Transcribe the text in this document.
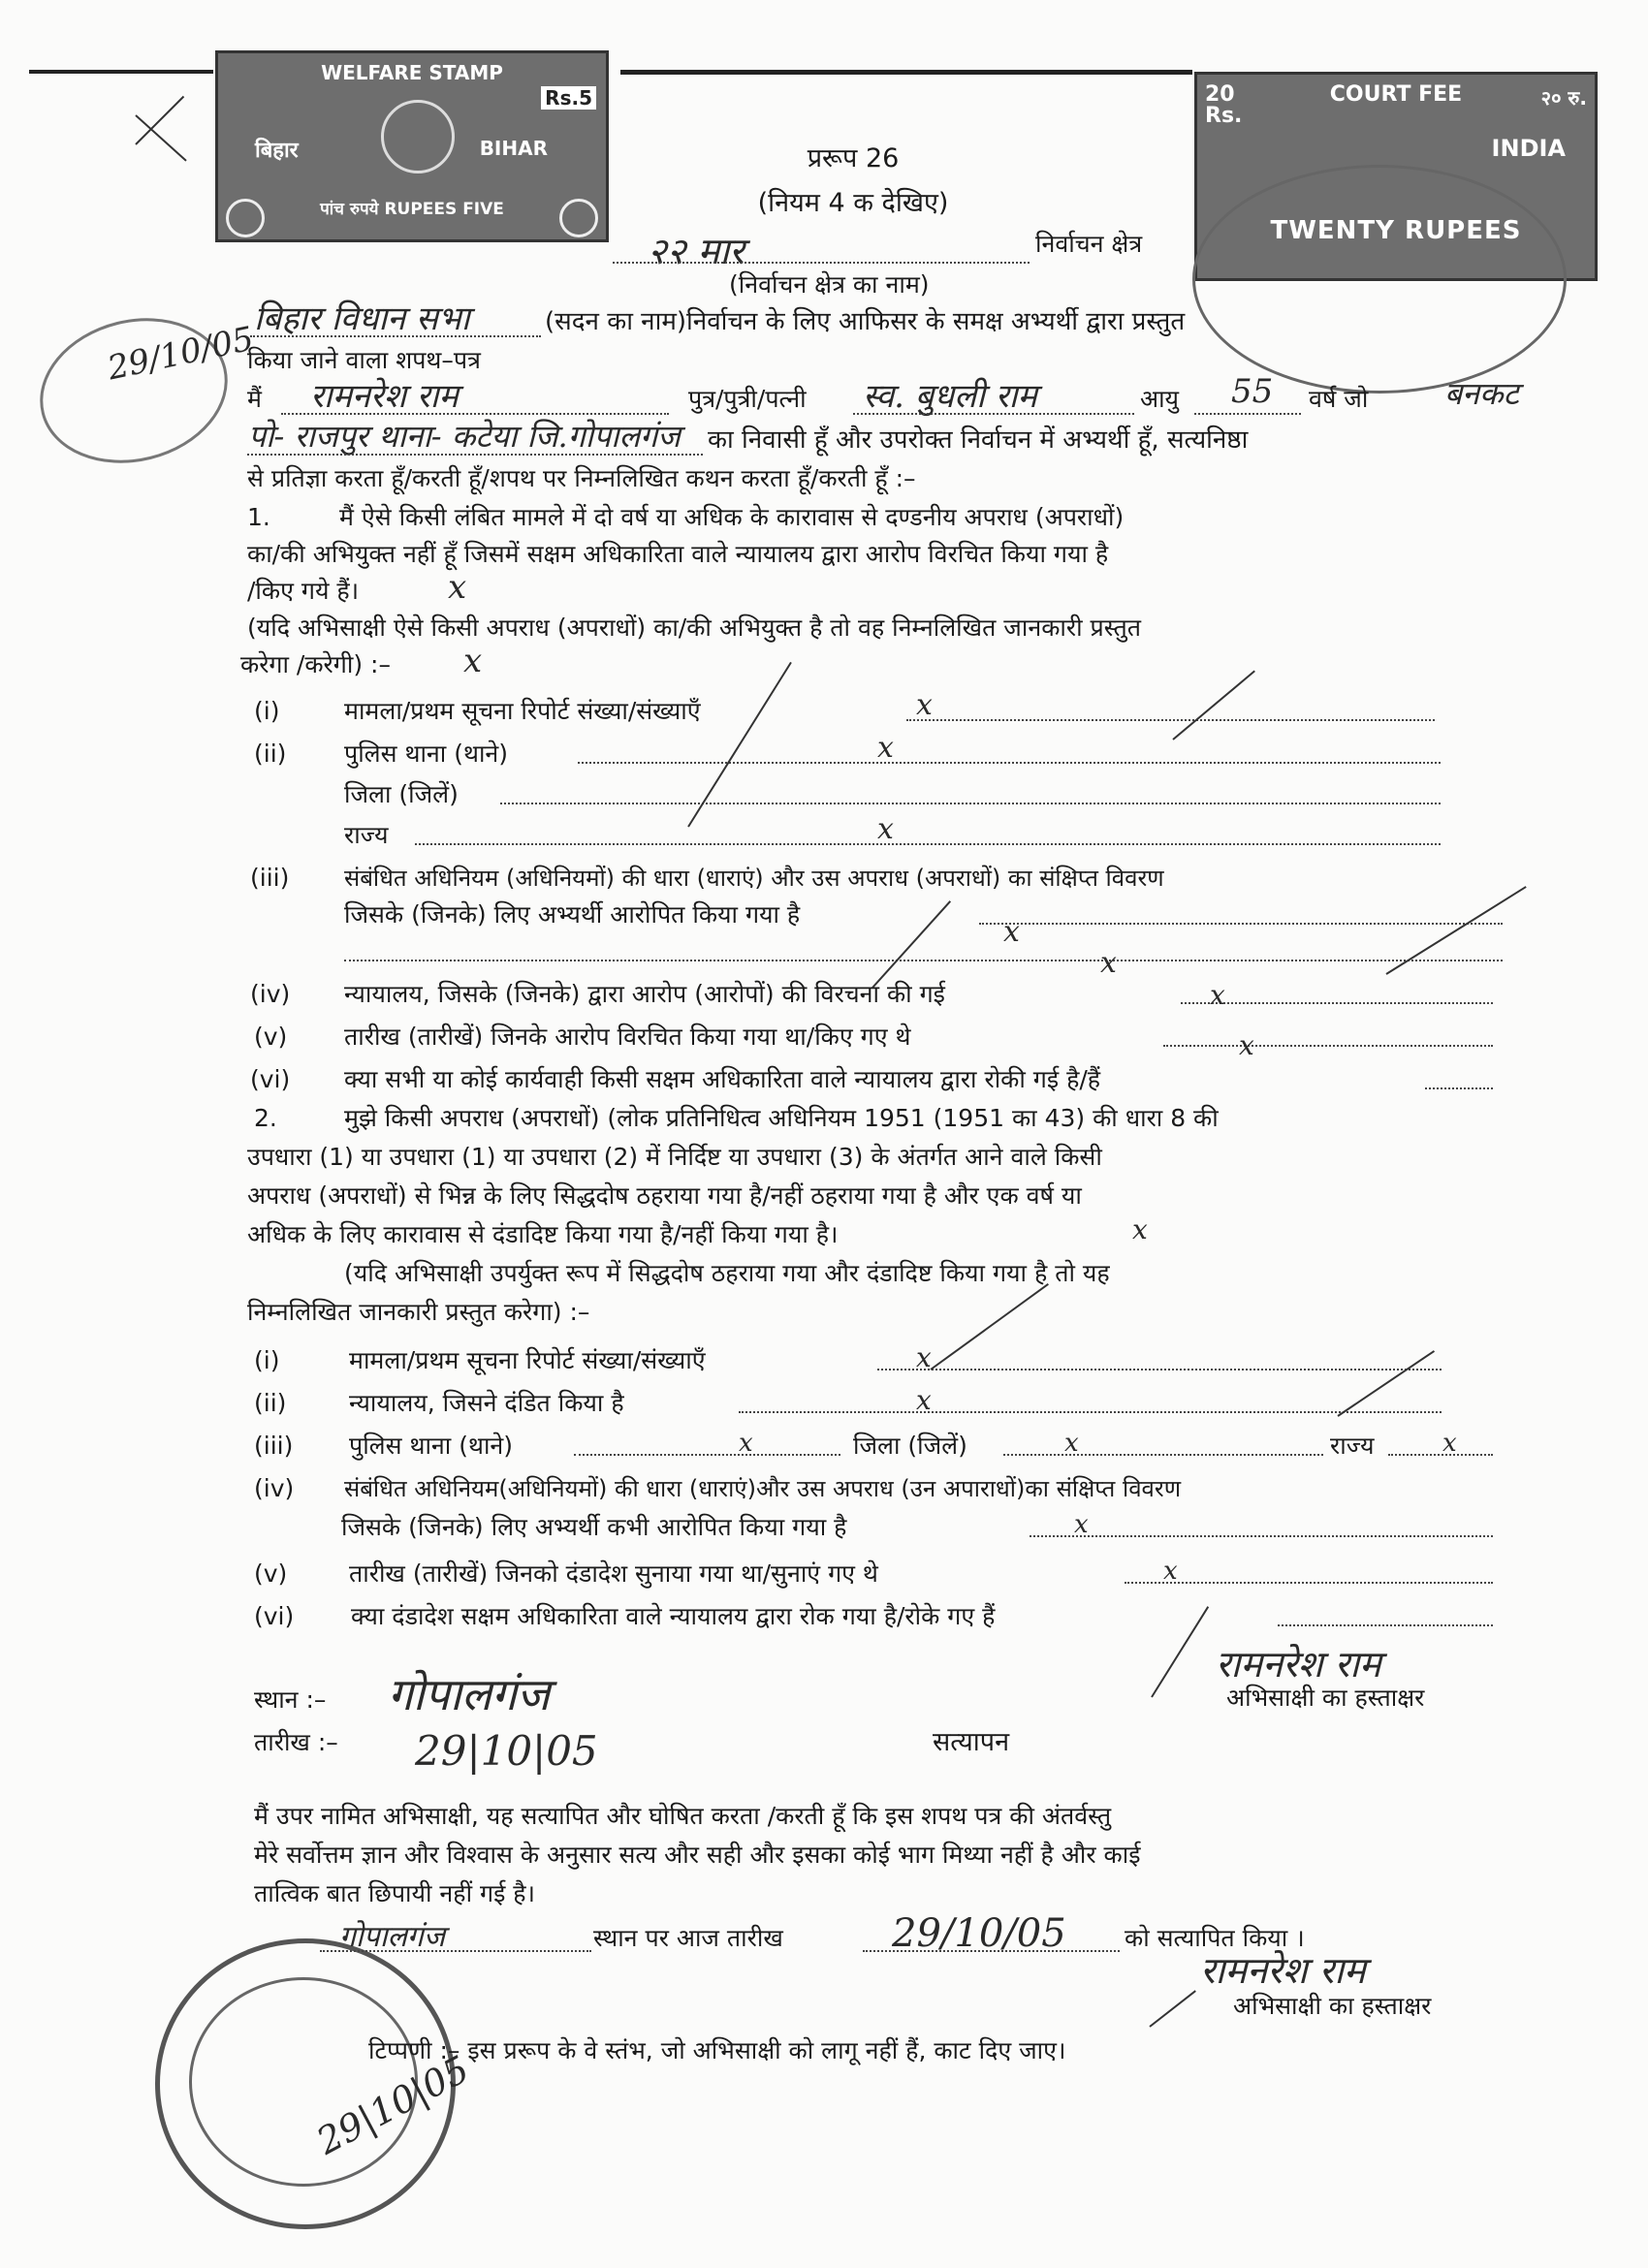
WELFARE STAMP
Rs.5
बिहार	BIHAR
पांच रुपये RUPEES FIVE
20 Rs.
COURT FEE	२० रु.
INDIA
TWENTY RUPEES
29|10|05
29/10/05
प्ररूप 26
(नियम 4 क देखिए)
२२ मार	निर्वाचन क्षेत्र
(निर्वाचन क्षेत्र का नाम)
बिहार विधान सभा	(सदन का नाम)निर्वाचन के लिए आफिसर के समक्ष अभ्यर्थी द्वारा प्रस्तुत
किया जाने वाला शपथ–पत्र
मैं रामनरेश राम	पुत्र/पुत्री/पत्नी स्व. बुधली राम	आयु 55 वर्ष जो बनकट
पो- राजपुर थाना- कटेया जि.गोपालगंज का निवासी हूँ और उपरोक्त निर्वाचन में अभ्यर्थी हूँ, सत्यनिष्ठा
से प्रतिज्ञा करता हूँ/करती हूँ/शपथ पर निम्नलिखित कथन करता हूँ/करती हूँ :–
1.	मैं ऐसे किसी लंबित मामले में दो वर्ष या अधिक के कारावास से दण्डनीय अपराध (अपराधों)
का/की अभियुक्त नहीं हूँ जिसमें सक्षम अधिकारिता वाले न्यायालय द्वारा आरोप विरचित किया गया है
/किए गये हैं।	x
(यदि अभिसाक्षी ऐसे किसी अपराध (अपराधों) का/की अभियुक्त है तो वह निम्नलिखित जानकारी प्रस्तुत
करेगा /करेगी) :– x
(i)	मामला/प्रथम सूचना रिपोर्ट संख्या/संख्याएँ	x
(ii) पुलिस थाना (थाने)	x
जिला (जिलें)
राज्य	x
(iii) संबंधित अधिनियम (अधिनियमों) की धारा (धाराएं) और उस अपराध (अपराधों) का संक्षिप्त विवरण
जिसके (जिनके) लिए अभ्यर्थी आरोपित किया गया है
x
x
(iv) न्यायालय, जिसके (जिनके) द्वारा आरोप (आरोपों) की विरचना की गई	x
(v) तारीख (तारीखें) जिनके आरोप विरचित किया गया था/किए गए थे	x
(vi) क्या सभी या कोई कार्यवाही किसी सक्षम अधिकारिता वाले न्यायालय द्वारा रोकी गई है/हैं
2.	मुझे किसी अपराध (अपराधों) (लोक प्रतिनिधित्व अधिनियम 1951 (1951 का 43) की धारा 8 की
उपधारा (1) या उपधारा (1) या उपधारा (2) में निर्दिष्ट या उपधारा (3) के अंतर्गत आने वाले किसी
अपराध (अपराधों) से भिन्न के लिए सिद्धदोष ठहराया गया है/नहीं ठहराया गया है और एक वर्ष या
अधिक के लिए कारावास से दंडादिष्ट किया गया है/नहीं किया गया है।	x
(यदि अभिसाक्षी उपर्युक्त रूप में सिद्धदोष ठहराया गया और दंडादिष्ट किया गया है तो यह
निम्नलिखित जानकारी प्रस्तुत करेगा) :–
(i)	मामला/प्रथम सूचना रिपोर्ट संख्या/संख्याएँ	x
(ii)	न्यायालय, जिसने दंडित किया है	x
(iii) पुलिस थाना (थाने)	x	जिला (जिलें)	x	राज्य	x
(iv) संबंधित अधिनियम(अधिनियमों) की धारा (धाराएं)और उस अपराध (उन अपाराधों)का संक्षिप्त विवरण
जिसके (जिनके) लिए अभ्यर्थी कभी आरोपित किया गया है	x
(v)	तारीख (तारीखें) जिनको दंडादेश सुनाया गया था/सुनाएं गए थे	x
(vi) क्या दंडादेश सक्षम अधिकारिता वाले न्यायालय द्वारा रोक गया है/रोके गए हैं
स्थान :– गोपालगंज
तारीख :– 29|10|05
रामनरेश राम
अभिसाक्षी का हस्ताक्षर
सत्यापन
मैं उपर नामित अभिसाक्षी, यह सत्यापित और घोषित करता /करती हूँ कि इस शपथ पत्र की अंतर्वस्तु
मेरे सर्वोत्तम ज्ञान और विश्वास के अनुसार सत्य और सही और इसका कोई भाग मिथ्या नहीं है और काई
तात्विक बात छिपायी नहीं गई है।
गोपालगंज	स्थान पर आज तारीख	29/10/05 को सत्यापित किया ।
रामनरेश राम
अभिसाक्षी का हस्ताक्षर
टिप्पणी :– इस प्ररूप के वे स्तंभ, जो अभिसाक्षी को लागू नहीं हैं, काट दिए जाए।
